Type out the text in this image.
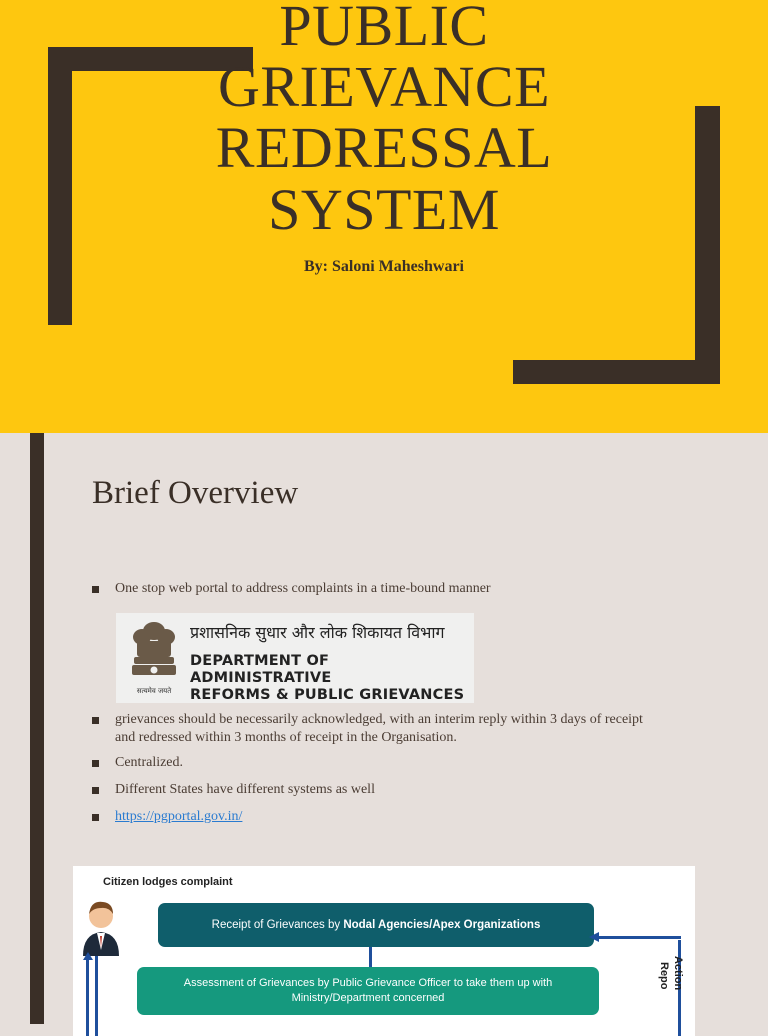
PUBLIC
GRIEVANCE
REDRESSAL
SYSTEM
By: Saloni Maheshwari
Brief Overview
One stop web portal to address complaints in a time-bound manner
सत्यमेव जयते
प्रशासनिक सुधार और लोक शिकायत विभाग
DEPARTMENT OF ADMINISTRATIVE
REFORMS & PUBLIC GRIEVANCES
grievances should be necessarily acknowledged, with an interim reply within 3 days of receipt and redressed within 3 months of receipt in the Organisation.
Centralized.
Different States have different systems as well
https://pgportal.gov.in/
Citizen lodges complaint
Receipt of Grievances by Nodal Agencies/Apex Organizations
Assessment of Grievances by Public Grievance Officer to take them up with
Ministry/Department concerned
Action
Repo
